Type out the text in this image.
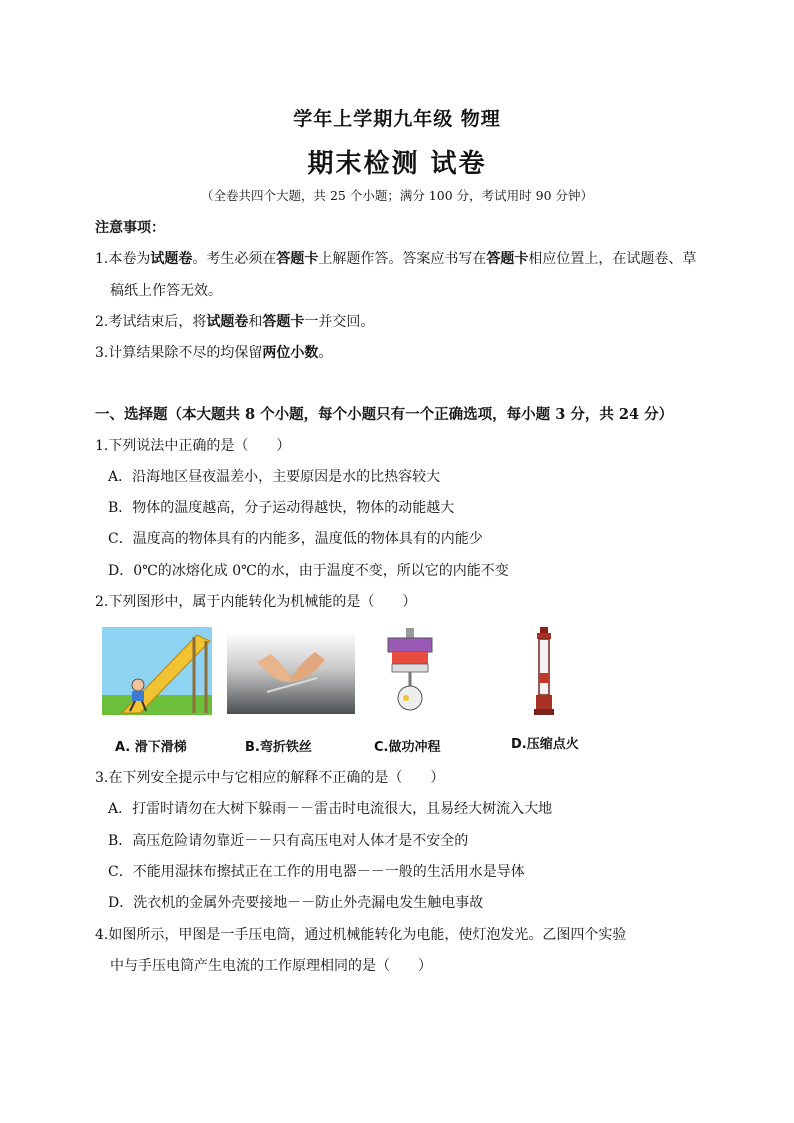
学年上学期九年级 物理
期末检测 试卷
（全卷共四个大题，共 25 个小题；满分 100 分，考试用时 90 分钟）
注意事项：
1.本卷为试题卷。考生必须在答题卡上解题作答。答案应书写在答题卡相应位置上，在试题卷、草
稿纸上作答无效。
2.考试结束后，将试题卷和答题卡一并交回。
3.计算结果除不尽的均保留两位小数。
一、选择题（本大题共 8 个小题，每个小题只有一个正确选项，每小题 3 分，共 24 分）
1.下列说法中正确的是（　　）
A．沿海地区昼夜温差小，主要原因是水的比热容较大
B．物体的温度越高，分子运动得越快，物体的动能越大
C．温度高的物体具有的内能多，温度低的物体具有的内能少
D．0℃的冰熔化成 0℃的水，由于温度不变，所以它的内能不变
2.下列图形中，属于内能转化为机械能的是（　　）
A. 滑下滑梯	B.弯折铁丝	C.做功冲程	D.压缩点火
3.在下列安全提示中与它相应的解释不正确的是（　　）
A．打雷时请勿在大树下躲雨－－雷击时电流很大，且易经大树流入大地
B．高压危险请勿靠近－－只有高压电对人体才是不安全的
C．不能用湿抹布擦拭正在工作的用电器－－一般的生活用水是导体
D．洗衣机的金属外壳要接地－－防止外壳漏电发生触电事故
4.如图所示，甲图是一手压电筒，通过机械能转化为电能，使灯泡发光。乙图四个实验
中与手压电筒产生电流的工作原理相同的是（　　）
